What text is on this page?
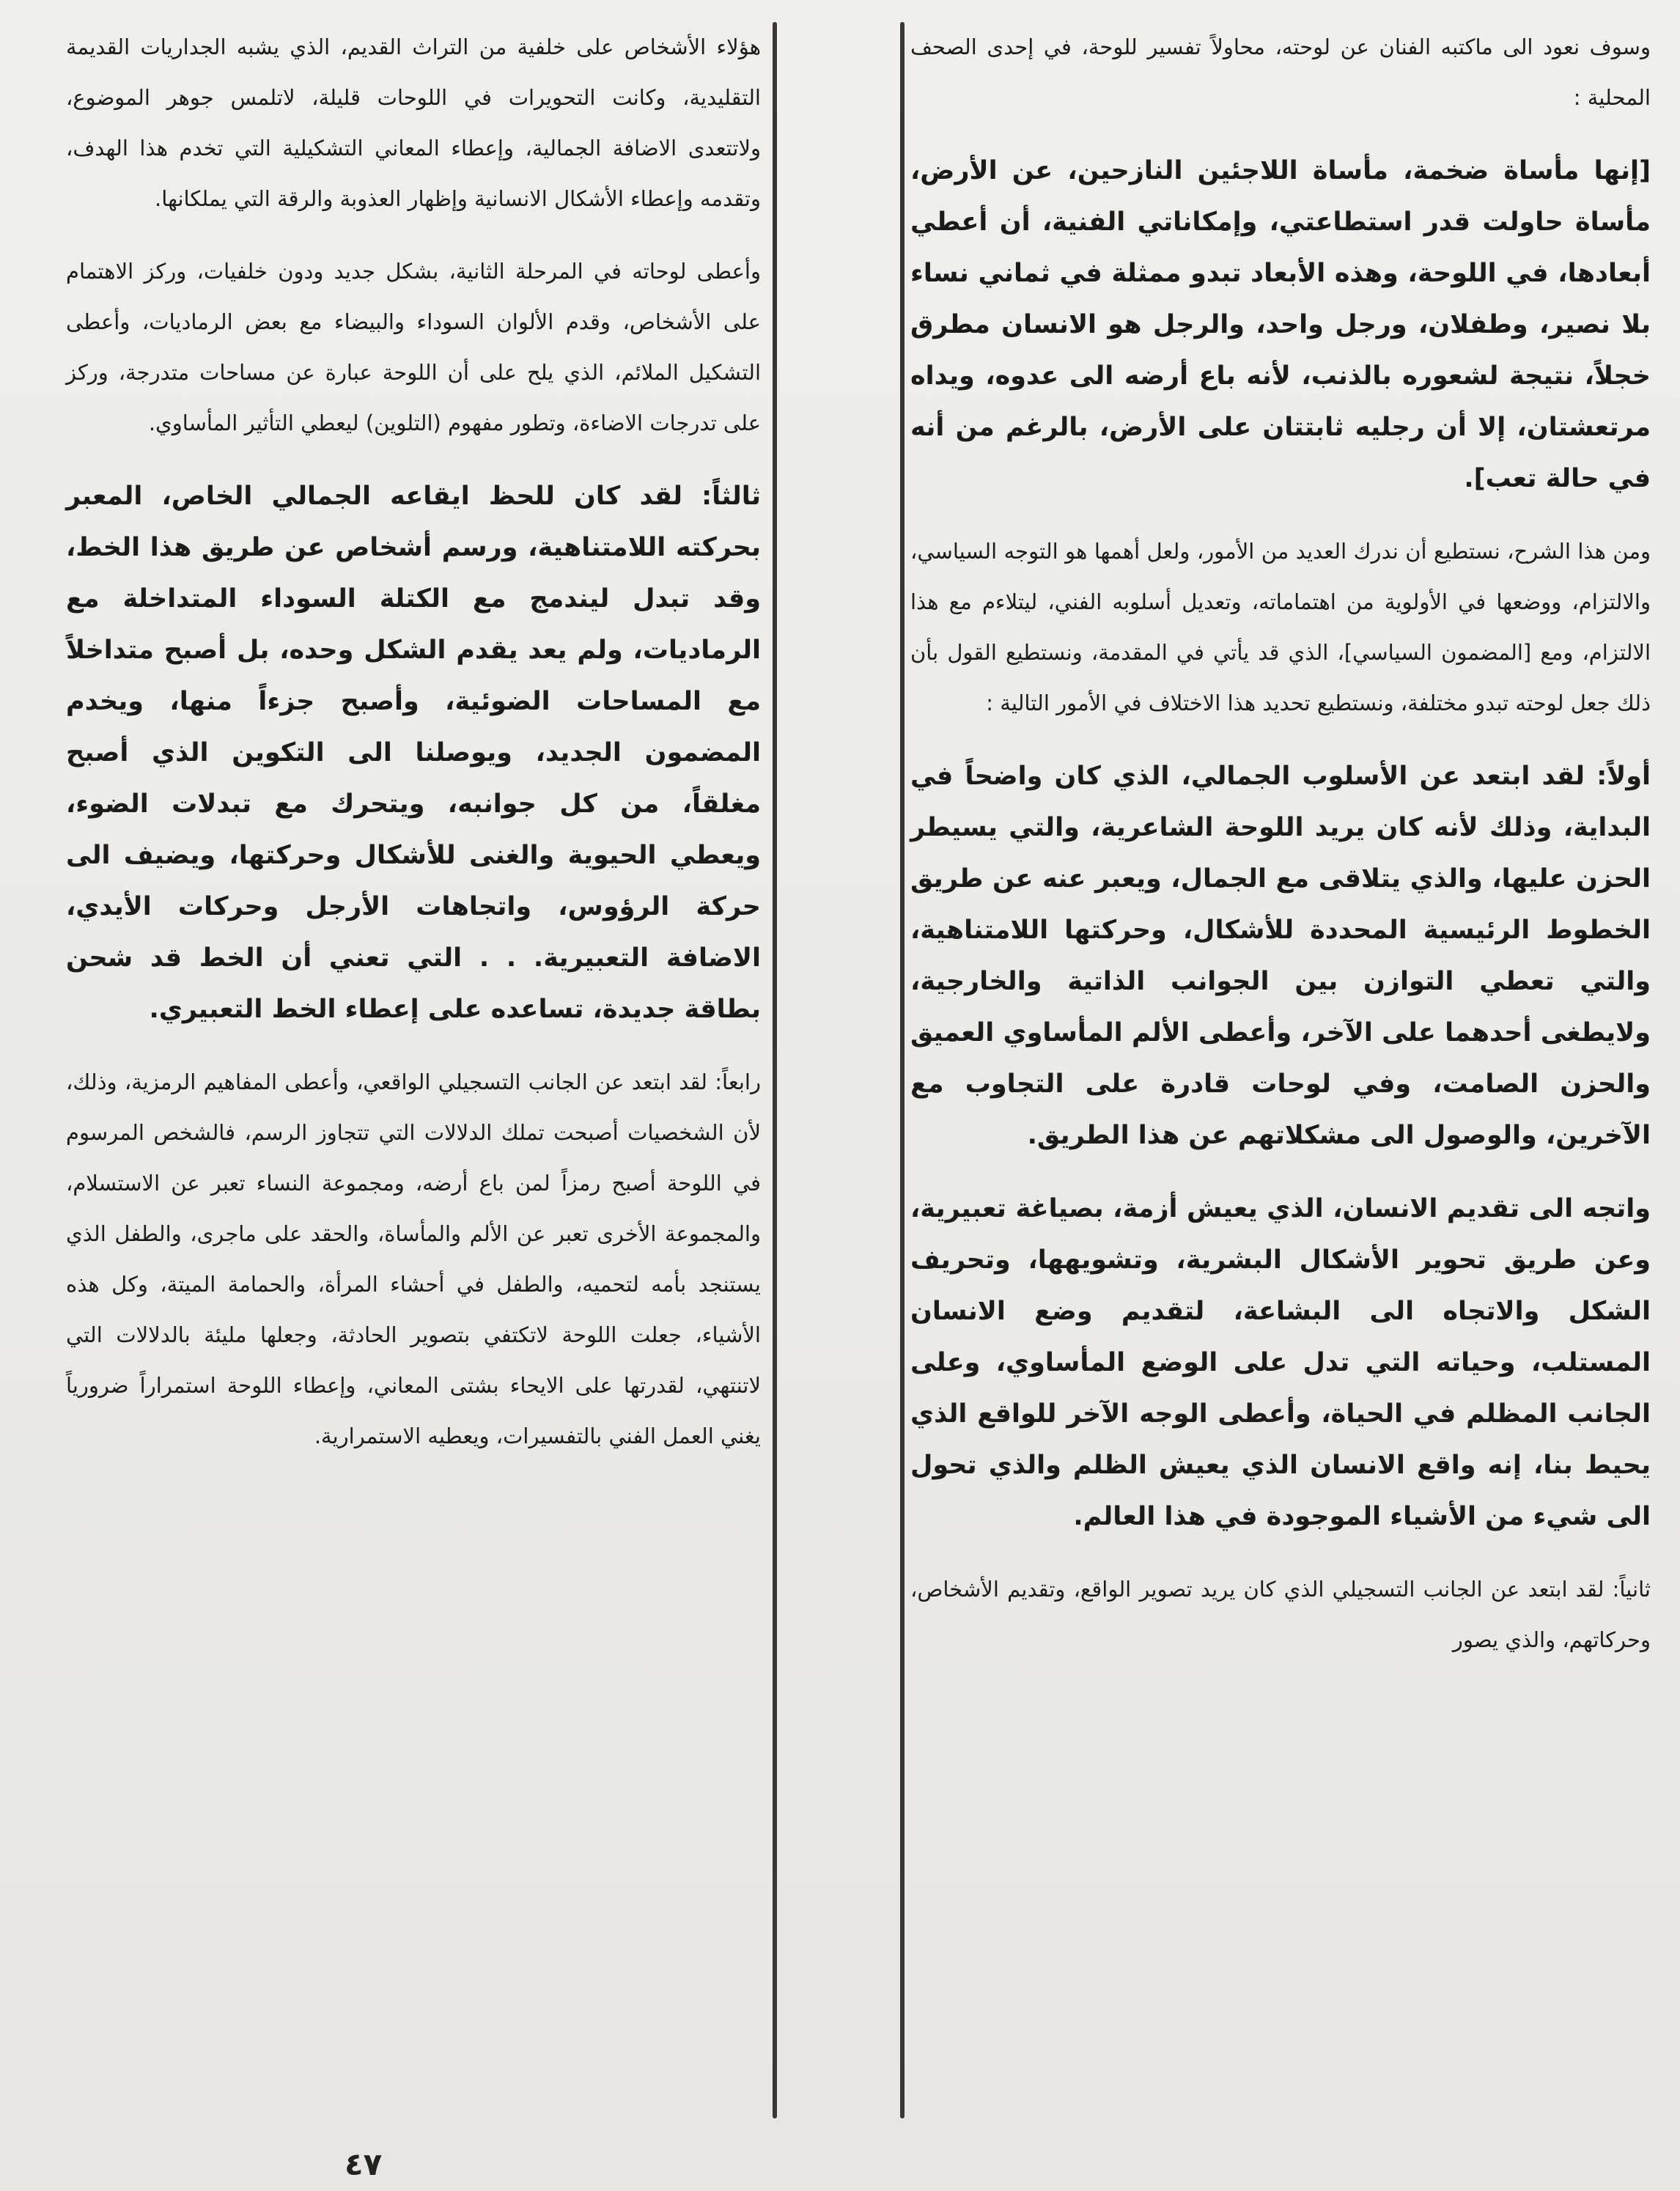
وسوف نعود الى ماكتبه الفنان عن لوحته، محاولاً تفسير للوحة، في إحدى الصحف المحلية :

[إنها مأساة ضخمة، مأساة اللاجئين النازحين، عن الأرض، مأساة حاولت قدر استطاعتي، وإمكاناتي الفنية، أن أعطي أبعادها، في اللوحة، وهذه الأبعاد تبدو ممثلة في ثماني نساء بلا نصير، وطفلان، ورجل واحد، والرجل هو الانسان مطرق خجلاً، نتيجة لشعوره بالذنب، لأنه باع أرضه الى عدوه، ويداه مرتعشتان، إلا أن رجليه ثابتتان على الأرض، بالرغم من أنه في حالة تعب].

ومن هذا الشرح، نستطيع أن ندرك العديد من الأمور، ولعل أهمها هو التوجه السياسي، والالتزام، ووضعها في الأولوية من اهتماماته، وتعديل أسلوبه الفني، ليتلاءم مع هذا الالتزام، ومع [المضمون السياسي]، الذي قد يأتي في المقدمة، ونستطيع القول بأن ذلك جعل لوحته تبدو مختلفة، ونستطيع تحديد هذا الاختلاف في الأمور التالية :

أولاً: لقد ابتعد عن الأسلوب الجمالي، الذي كان واضحاً في البداية، وذلك لأنه كان يريد اللوحة الشاعرية، والتي يسيطر الحزن عليها، والذي يتلاقى مع الجمال، ويعبر عنه عن طريق الخطوط الرئيسية المحددة للأشكال، وحركتها اللامتناهية، والتي تعطي التوازن بين الجوانب الذاتية والخارجية، ولايطغى أحدهما على الآخر، وأعطى الألم المأساوي العميق والحزن الصامت، وفي لوحات قادرة على التجاوب مع الآخرين، والوصول الى مشكلاتهم عن هذا الطريق.

واتجه الى تقديم الانسان، الذي يعيش أزمة، بصياغة تعبيرية، وعن طريق تحوير الأشكال البشرية، وتشويهها، وتحريف الشكل والاتجاه الى البشاعة، لتقديم وضع الانسان المستلب، وحياته التي تدل على الوضع المأساوي، وعلى الجانب المظلم في الحياة، وأعطى الوجه الآخر للواقع الذي يحيط بنا، إنه واقع الانسان الذي يعيش الظلم والذي تحول الى شيء من الأشياء الموجودة في هذا العالم.

ثانياً: لقد ابتعد عن الجانب التسجيلي الذي كان يريد تصوير الواقع، وتقديم الأشخاص، وحركاتهم، والذي يصور

هؤلاء الأشخاص على خلفية من التراث القديم، الذي يشبه الجداريات القديمة التقليدية، وكانت التحويرات في اللوحات قليلة، لاتلمس جوهر الموضوع، ولاتتعدى الاضافة الجمالية، وإعطاء المعاني التشكيلية التي تخدم هذا الهدف، وتقدمه وإعطاء الأشكال الانسانية وإظهار العذوبة والرقة التي يملكانها.

وأعطى لوحاته في المرحلة الثانية، بشكل جديد ودون خلفيات، وركز الاهتمام على الأشخاص، وقدم الألوان السوداء والبيضاء مع بعض الرماديات، وأعطى التشكيل الملائم، الذي يلح على أن اللوحة عبارة عن مساحات متدرجة، وركز على تدرجات الاضاءة، وتطور مفهوم (التلوين) ليعطي التأثير المأساوي.

ثالثاً: لقد كان للحظ ايقاعه الجمالي الخاص، المعبر بحركته اللامتناهية، ورسم أشخاص عن طريق هذا الخط، وقد تبدل ليندمج مع الكتلة السوداء المتداخلة مع الرماديات، ولم يعد يقدم الشكل وحده، بل أصبح متداخلاً مع المساحات الضوئية، وأصبح جزءاً منها، ويخدم المضمون الجديد، ويوصلنا الى التكوين الذي أصبح مغلقاً، من كل جوانبه، ويتحرك مع تبدلات الضوء، ويعطي الحيوية والغنى للأشكال وحركتها، ويضيف الى حركة الرؤوس، واتجاهات الأرجل وحركات الأيدي، الاضافة التعبيرية. . . التي تعني أن الخط قد شحن بطاقة جديدة، تساعده على إعطاء الخط التعبيري.

رابعاً: لقد ابتعد عن الجانب التسجيلي الواقعي، وأعطى المفاهيم الرمزية، وذلك، لأن الشخصيات أصبحت تملك الدلالات التي تتجاوز الرسم، فالشخص المرسوم في اللوحة أصبح رمزاً لمن باع أرضه، ومجموعة النساء تعبر عن الاستسلام، والمجموعة الأخرى تعبر عن الألم والمأساة، والحقد على ماجرى، والطفل الذي يستنجد بأمه لتحميه، والطفل في أحشاء المرأة، والحمامة الميتة، وكل هذه الأشياء، جعلت اللوحة لاتكتفي بتصوير الحادثة، وجعلها مليئة بالدلالات التي لاتنتهي، لقدرتها على الايحاء بشتى المعاني، وإعطاء اللوحة استمراراً ضرورياً يغني العمل الفني بالتفسيرات، ويعطيه الاستمرارية.

٤٧
